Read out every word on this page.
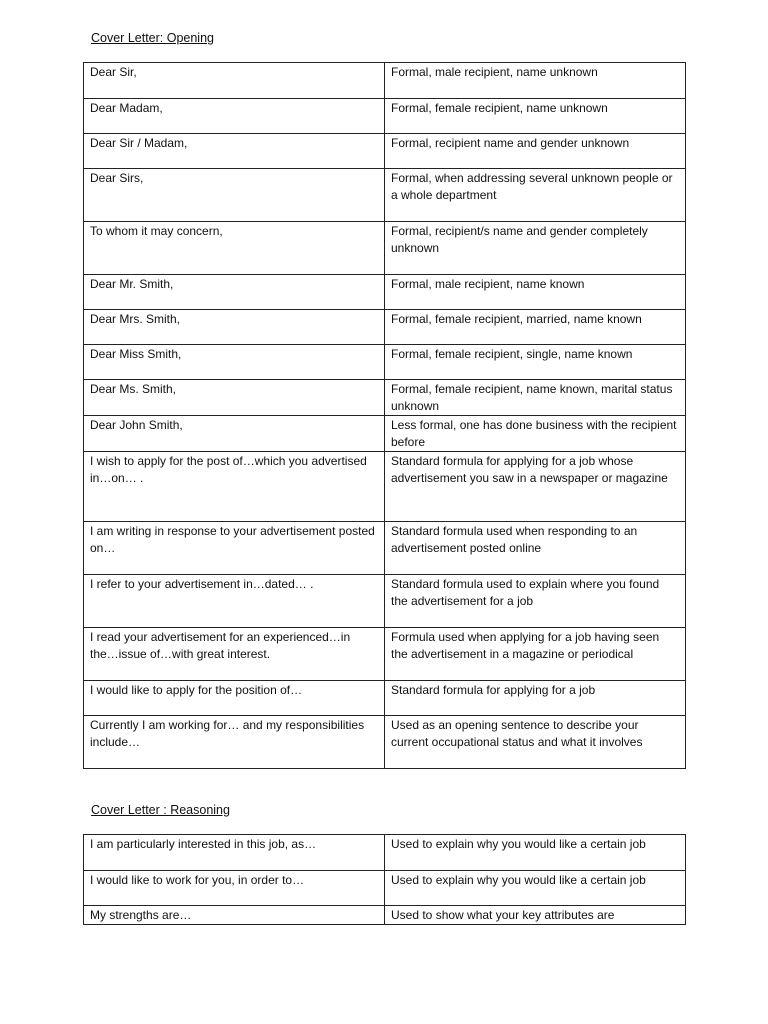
Cover Letter: Opening
Dear Sir,	Formal, male recipient, name unknown
Dear Madam,	Formal, female recipient, name unknown
Dear Sir / Madam,	Formal, recipient name and gender unknown
Dear Sirs,	Formal, when addressing several unknown people or a whole department
To whom it may concern,	Formal, recipient/s name and gender completely unknown
Dear Mr. Smith,	Formal, male recipient, name known
Dear Mrs. Smith,	Formal, female recipient, married, name known
Dear Miss Smith,	Formal, female recipient, single, name known
Dear Ms. Smith,	Formal, female recipient, name known, marital status unknown
Dear John Smith,	Less formal, one has done business with the recipient before
I wish to apply for the post of…which you advertised in…on… .	Standard formula for applying for a job whose advertisement you saw in a newspaper or magazine
I am writing in response to your advertisement posted on…	Standard formula used when responding to an advertisement posted online
I refer to your advertisement in…dated… .	Standard formula used to explain where you found the advertisement for a job
I read your advertisement for an experienced…in the…issue of…with great interest.	Formula used when applying for a job having seen the advertisement in a magazine or periodical
I would like to apply for the position of…	Standard formula for applying for a job
Currently I am working for… and my responsibilities include…	Used as an opening sentence to describe your current occupational status and what it involves
Cover Letter : Reasoning
I am particularly interested in this job, as…	Used to explain why you would like a certain job
I would like to work for you, in order to…	Used to explain why you would like a certain job
My strengths are…	Used to show what your key attributes are
